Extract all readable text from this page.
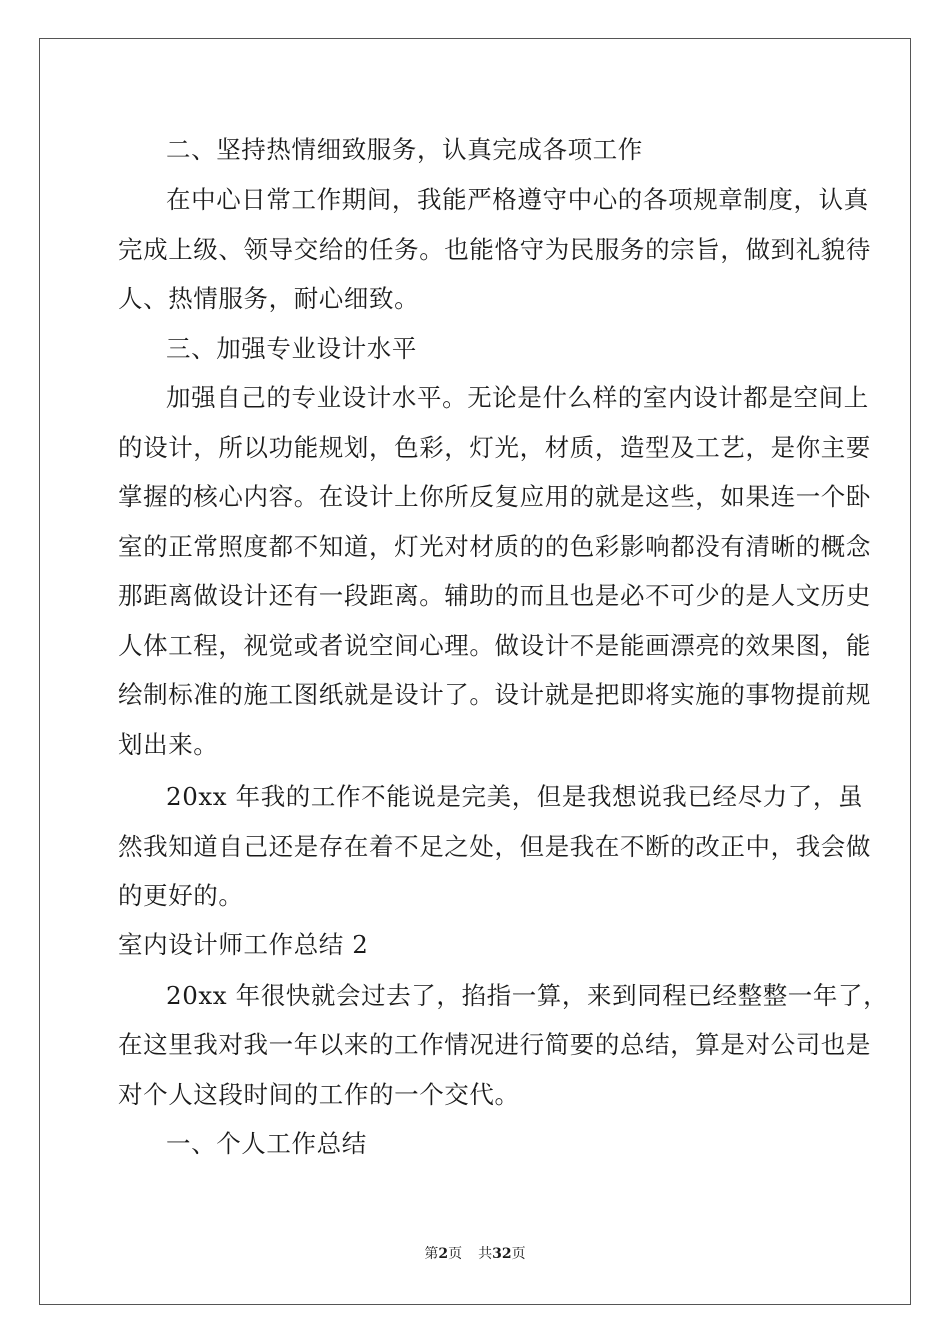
二、坚持热情细致服务，认真完成各项工作
在中心日常工作期间，我能严格遵守中心的各项规章制度，认真
完成上级、领导交给的任务。也能恪守为民服务的宗旨，做到礼貌待
人、热情服务，耐心细致。
三、加强专业设计水平
加强自己的专业设计水平。无论是什么样的室内设计都是空间上
的设计，所以功能规划，色彩，灯光，材质，造型及工艺，是你主要
掌握的核心内容。在设计上你所反复应用的就是这些，如果连一个卧
室的正常照度都不知道，灯光对材质的的色彩影响都没有清晰的概念
那距离做设计还有一段距离。辅助的而且也是必不可少的是人文历史
人体工程，视觉或者说空间心理。做设计不是能画漂亮的效果图，能
绘制标准的施工图纸就是设计了。设计就是把即将实施的事物提前规
划出来。
20xx 年我的工作不能说是完美，但是我想说我已经尽力了，虽
然我知道自己还是存在着不足之处，但是我在不断的改正中，我会做
的更好的。
室内设计师工作总结 2
20xx 年很快就会过去了，掐指一算，来到同程已经整整一年了，
在这里我对我一年以来的工作情况进行简要的总结，算是对公司也是
对个人这段时间的工作的一个交代。
一、个人工作总结
第2页 共32页
